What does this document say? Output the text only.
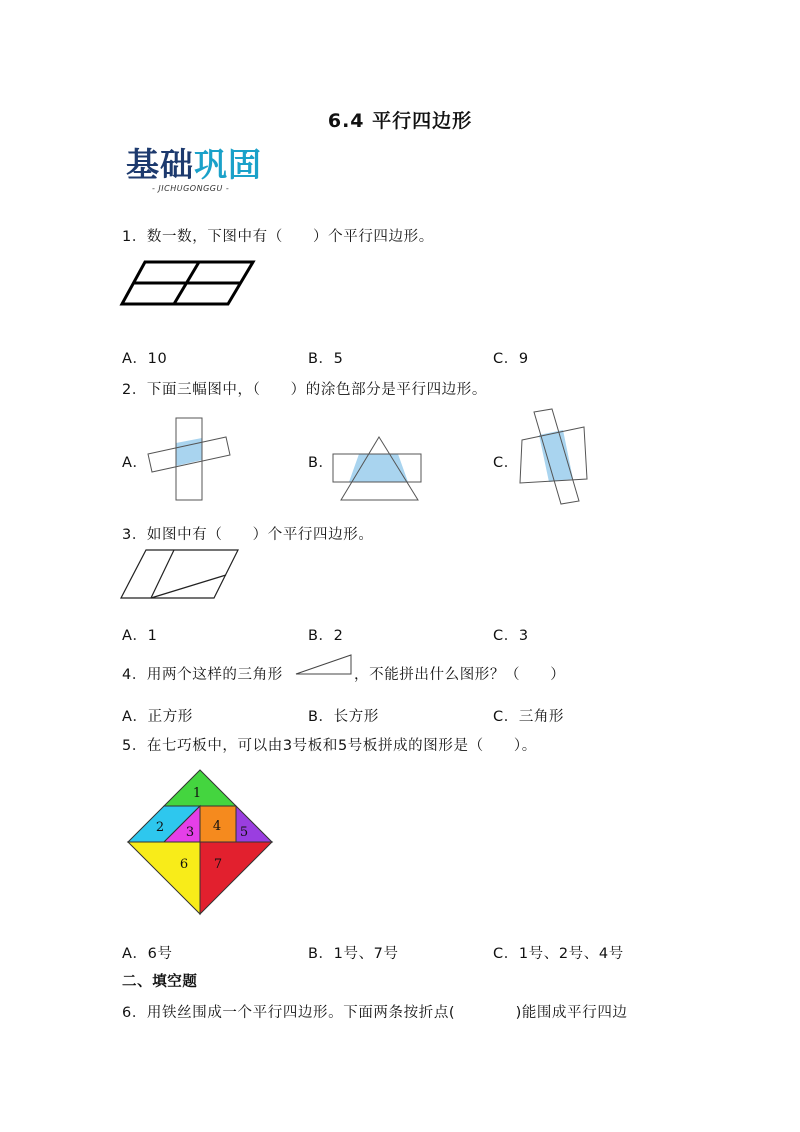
6.4 平行四边形
基础巩固
- JICHUGONGGU -
1．数一数，下图中有（　　）个平行四边形。
A．10	B．5	C．9
2．下面三幅图中，（　　）的涂色部分是平行四边形。
A．	B．	C．
3．如图中有（　　）个平行四边形。
A．1	B．2	C．3
4．用两个这样的三角形	，不能拼出什么图形？（　　）
A．正方形	B．长方形	C．三角形
5．在七巧板中，可以由3号板和5号板拼成的图形是（　　）。
1
2 3 4 5
6 7
A．6号	B．1号、7号	C．1号、2号、4号
二、填空题
6．用铁丝围成一个平行四边形。下面两条按折点(　　　　)能围成平行四边
